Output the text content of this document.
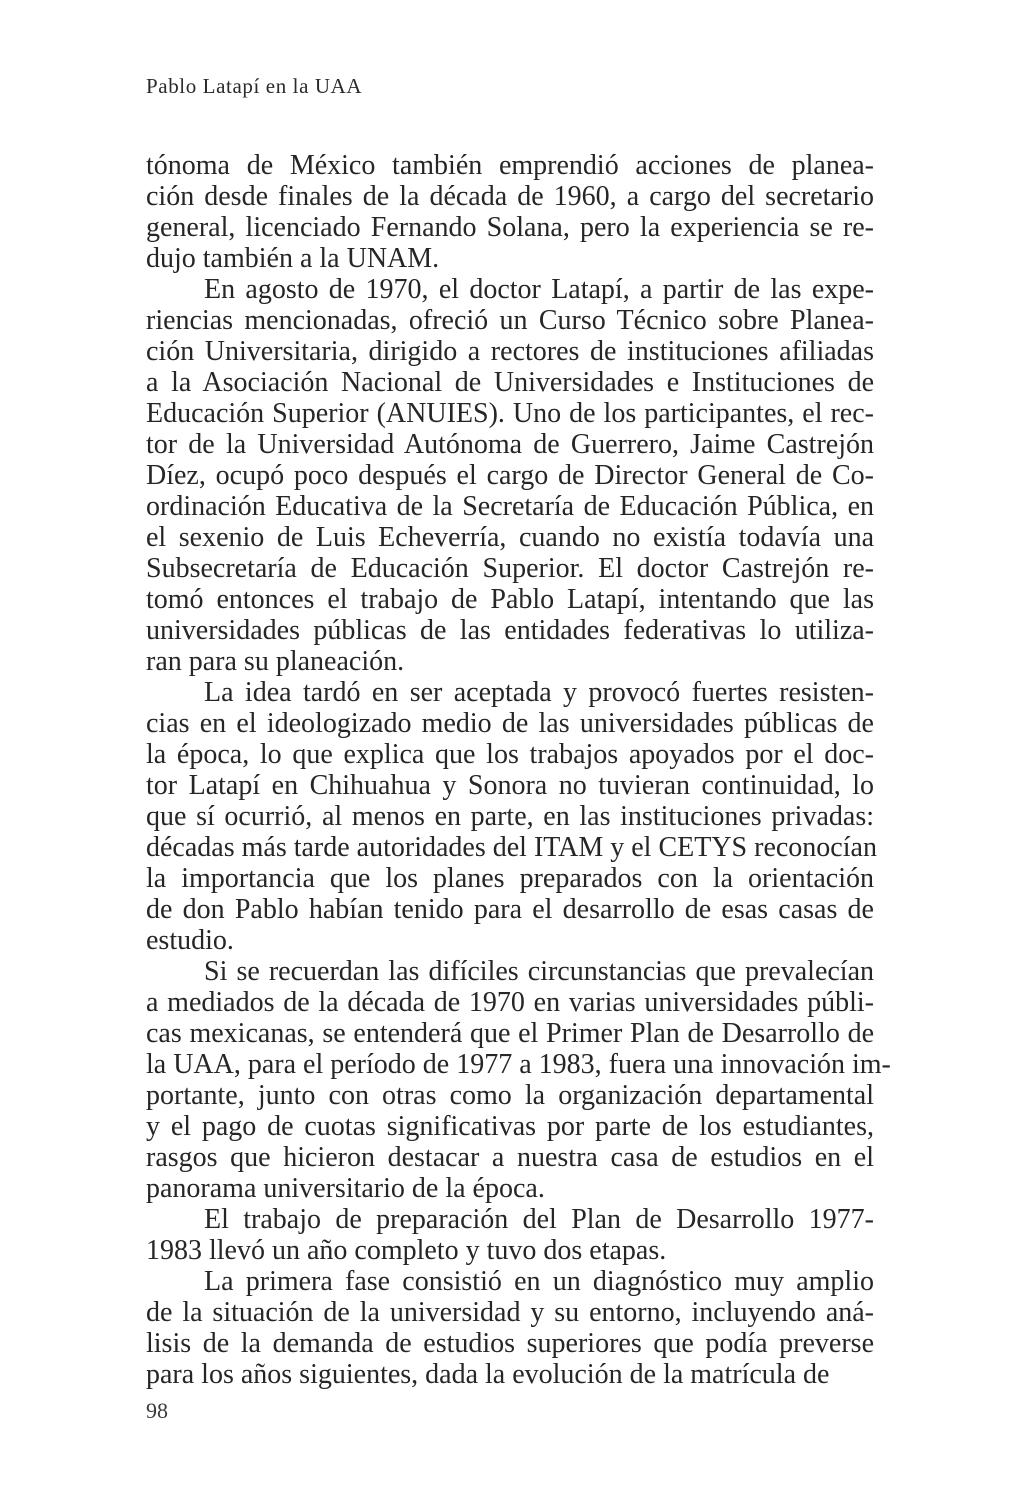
Pablo Latapí en la UAA
tónoma de México también emprendió acciones de planea-
ción desde finales de la década de 1960, a cargo del secretario
general, licenciado Fernando Solana, pero la experiencia se re-
dujo también a la UNAM.
En agosto de 1970, el doctor Latapí, a partir de las expe-
riencias mencionadas, ofreció un Curso Técnico sobre Planea-
ción Universitaria, dirigido a rectores de instituciones afiliadas
a la Asociación Nacional de Universidades e Instituciones de
Educación Superior (ANUIES). Uno de los participantes, el rec-
tor de la Universidad Autónoma de Guerrero, Jaime Castrejón
Díez, ocupó poco después el cargo de Director General de Co-
ordinación Educativa de la Secretaría de Educación Pública, en
el sexenio de Luis Echeverría, cuando no existía todavía una
Subsecretaría de Educación Superior. El doctor Castrejón re-
tomó entonces el trabajo de Pablo Latapí, intentando que las
universidades públicas de las entidades federativas lo utiliza-
ran para su planeación.
La idea tardó en ser aceptada y provocó fuertes resisten-
cias en el ideologizado medio de las universidades públicas de
la época, lo que explica que los trabajos apoyados por el doc-
tor Latapí en Chihuahua y Sonora no tuvieran continuidad, lo
que sí ocurrió, al menos en parte, en las instituciones privadas:
décadas más tarde autoridades del ITAM y el CETYS reconocían
la importancia que los planes preparados con la orientación
de don Pablo habían tenido para el desarrollo de esas casas de
estudio.
Si se recuerdan las difíciles circunstancias que prevalecían
a mediados de la década de 1970 en varias universidades públi-
cas mexicanas, se entenderá que el Primer Plan de Desarrollo de
la UAA, para el período de 1977 a 1983, fuera una innovación im-
portante, junto con otras como la organización departamental
y el pago de cuotas significativas por parte de los estudiantes,
rasgos que hicieron destacar a nuestra casa de estudios en el
panorama universitario de la época.
El trabajo de preparación del Plan de Desarrollo 1977-
1983 llevó un año completo y tuvo dos etapas.
La primera fase consistió en un diagnóstico muy amplio
de la situación de la universidad y su entorno, incluyendo aná-
lisis de la demanda de estudios superiores que podía preverse
para los años siguientes, dada la evolución de la matrícula de
98
